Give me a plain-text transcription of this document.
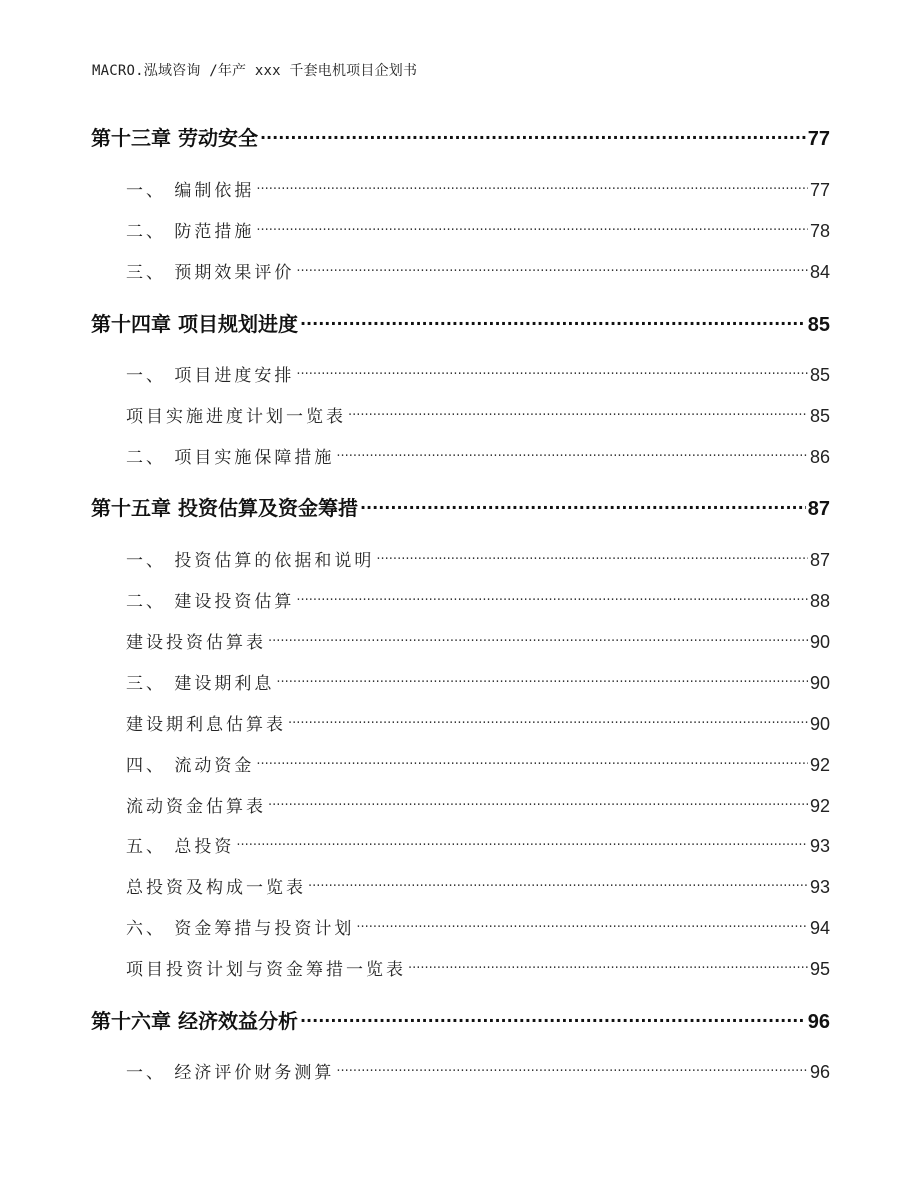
MACRO.泓域咨询 /年产 xxx 千套电机项目企划书
第十三章 劳动安全 .....	77
一、 编制依据 .....	77
二、 防范措施 .....	78
三、 预期效果评价 .....	84
第十四章 项目规划进度 .....	85
一、 项目进度安排 .....	85
项目实施进度计划一览表 .....	85
二、 项目实施保障措施 .....	86
第十五章 投资估算及资金筹措 .....	87
一、 投资估算的依据和说明 .....	87
二、 建设投资估算 .....	88
建设投资估算表 .....	90
三、 建设期利息 .....	90
建设期利息估算表 .....	90
四、 流动资金 .....	92
流动资金估算表 .....	92
五、 总投资 .....	93
总投资及构成一览表 .....	93
六、 资金筹措与投资计划 .....	94
项目投资计划与资金筹措一览表 .....	95
第十六章 经济效益分析 .....	96
一、 经济评价财务测算 .....	96
